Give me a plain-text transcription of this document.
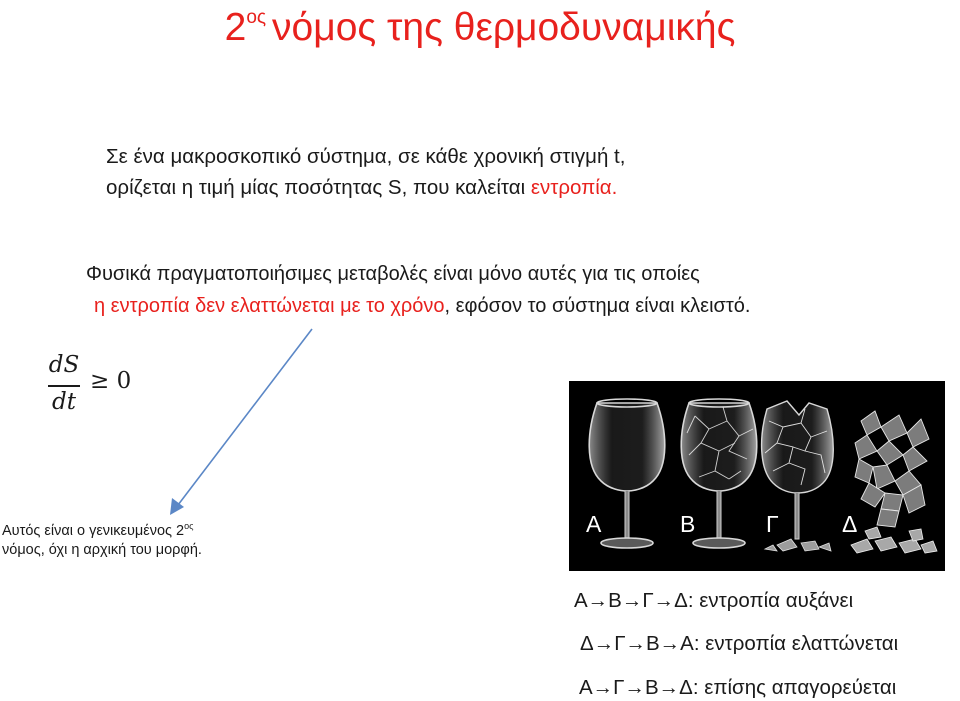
$2^{o\varsigma}$ νόμος της θερμοδυναμικής
Σε ένα μακροσκοπικό σύστημα, σε κάθε χρονική στιγμή t,
ορίζεται η τιμή μίας ποσότητας S, που καλείται εντροπία.
Φυσικά πραγματοποιήσιμες μεταβολές είναι μόνο αυτές για τις οποίες
η εντροπία δεν ελαττώνεται με το χρόνο, εφόσον το σύστημα είναι κλειστό.
dS
dt
≥ 0
Αυτός είναι ο γενικευμένος $2^{o\varsigma}$ νόμος, όχι η αρχική του μορφή.
Α	Β	Γ	Δ
Α→Β→Γ→Δ: εντροπία αυξάνει
Δ→Γ→Β→Α: εντροπία ελαττώνεται
Α→Γ→Β→Δ: επίσης απαγορεύεται
